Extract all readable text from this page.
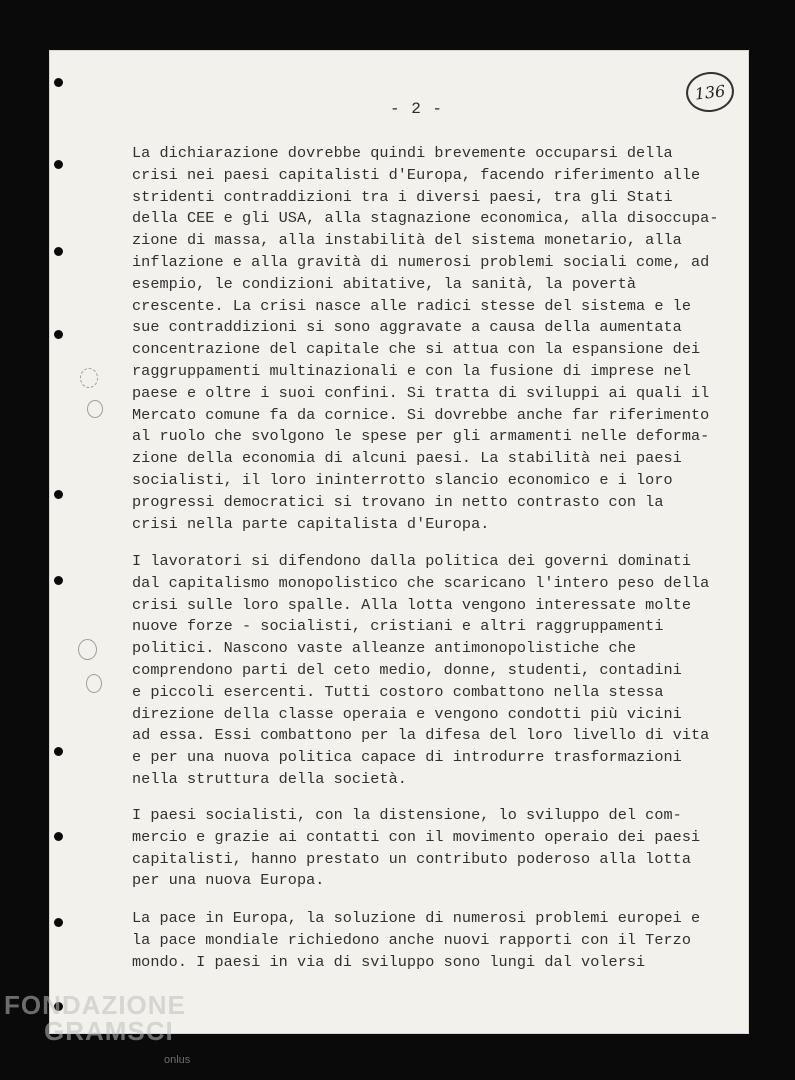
- 2 -
136

La dichiarazione dovrebbe quindi brevemente occuparsi della
crisi nei paesi capitalisti d'Europa, facendo riferimento alle
stridenti contraddizioni tra i diversi paesi, tra gli Stati
della CEE e gli USA, alla stagnazione economica, alla disoccupa-
zione di massa, alla instabilità del sistema monetario, alla
inflazione e alla gravità di numerosi problemi sociali come, ad
esempio, le condizioni abitative, la sanità, la povertà
crescente. La crisi nasce alle radici stesse del sistema e le
sue contraddizioni si sono aggravate a causa della aumentata
concentrazione del capitale che si attua con la espansione dei
raggruppamenti multinazionali e con la fusione di imprese nel
paese e oltre i suoi confini. Si tratta di sviluppi ai quali il
Mercato comune fa da cornice. Si dovrebbe anche far riferimento
al ruolo che svolgono le spese per gli armamenti nelle deforma-
zione della economia di alcuni paesi. La stabilità nei paesi
socialisti, il loro ininterrotto slancio economico e i loro
progressi democratici si trovano in netto contrasto con la
crisi nella parte capitalista d'Europa.

I lavoratori si difendono dalla politica dei governi dominati
dal capitalismo monopolistico che scaricano l'intero peso della
crisi sulle loro spalle. Alla lotta vengono interessate molte
nuove forze - socialisti, cristiani e altri raggruppamenti
politici. Nascono vaste alleanze antimonopolistiche che
comprendono parti del ceto medio, donne, studenti, contadini
e piccoli esercenti. Tutti costoro combattono nella stessa
direzione della classe operaia e vengono condotti più vicini
ad essa. Essi combattono per la difesa del loro livello di vita
e per una nuova politica capace di introdurre trasformazioni
nella struttura della società.

I paesi socialisti, con la distensione, lo sviluppo del com-
mercio e grazie ai contatti con il movimento operaio dei paesi
capitalisti, hanno prestato un contributo poderoso alla lotta
per una nuova Europa.

La pace in Europa, la soluzione di numerosi problemi europei e
la pace mondiale richiedono anche nuovi rapporti con il Terzo
mondo. I paesi in via di sviluppo sono lungi dal volersi

FONDAZIONE
GRAMSCI
onlus
